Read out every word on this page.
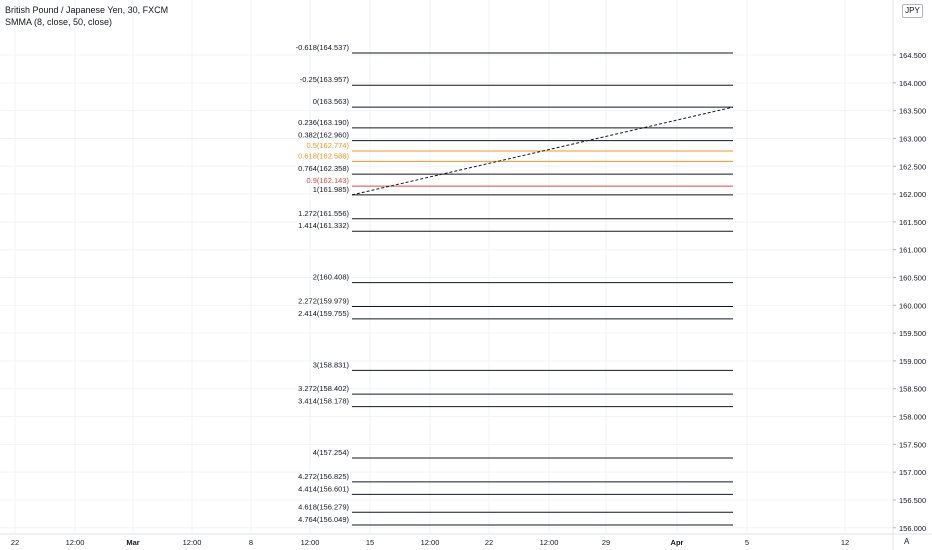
-0.618(164.537)
-0.25(163.957)
0(163.563)
0.236(163.190)
0.382(162.960)
0.5(162.774)
0.618(162.588)
0.764(162.358)
0.9(162.143)
1(161.985)
1.272(161.556)
1.414(161.332)
2(160.408)
2.272(159.979)
2.414(159.755)
3(158.831)
3.272(158.402)
3.414(158.178)
4(157.254)
4.272(156.825)
4.414(156.601)
4.618(156.279)
4.764(156.049)
164.500
164.000
163.500
163.000
162.500
162.000
161.500
161.000
160.500
160.000
159.500
159.000
158.500
158.000
157.500
157.000
156.500
156.000
22	12:00	Mar	12:00	8	12:00	15	12:00	22	12:00	29	Apr	5	12
British Pound / Japanese Yen, 30, FXCM
SMMA (8, close, 50, close)
JPY
A
